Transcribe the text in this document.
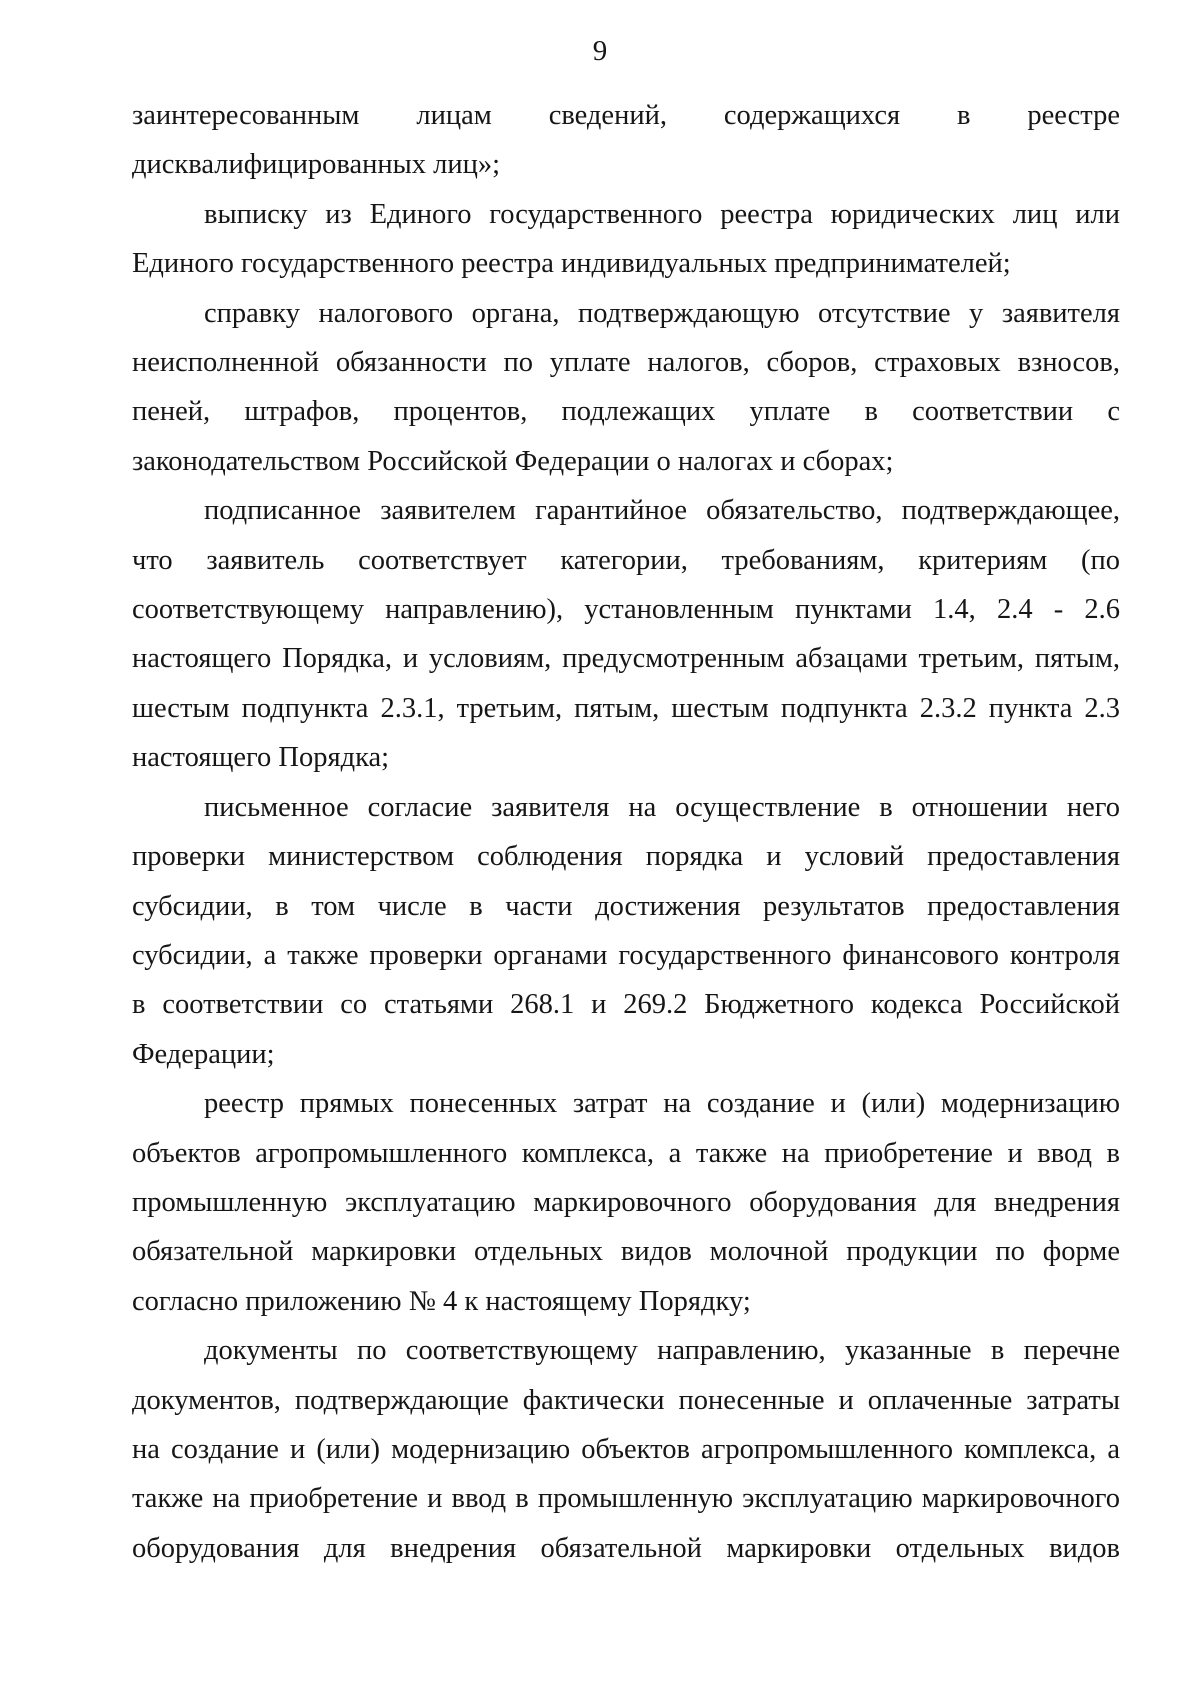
9
заинтересованным лицам сведений, содержащихся в реестре
дисквалифицированных лиц»;
выписку из Единого государственного реестра юридических лиц или
Единого государственного реестра индивидуальных предпринимателей;
справку налогового органа, подтверждающую отсутствие у заявителя
неисполненной обязанности по уплате налогов, сборов, страховых взносов,
пеней, штрафов, процентов, подлежащих уплате в соответствии с
законодательством Российской Федерации о налогах и сборах;
подписанное заявителем гарантийное обязательство, подтверждающее,
что заявитель соответствует категории, требованиям, критериям (по
соответствующему направлению), установленным пунктами 1.4, 2.4 - 2.6
настоящего Порядка, и условиям, предусмотренным абзацами третьим, пятым,
шестым подпункта 2.3.1, третьим, пятым, шестым подпункта 2.3.2 пункта 2.3
настоящего Порядка;
письменное согласие заявителя на осуществление в отношении него
проверки министерством соблюдения порядка и условий предоставления
субсидии, в том числе в части достижения результатов предоставления
субсидии, а также проверки органами государственного финансового контроля
в соответствии со статьями 268.1 и 269.2 Бюджетного кодекса Российской
Федерации;
реестр прямых понесенных затрат на создание и (или) модернизацию
объектов агропромышленного комплекса, а также на приобретение и ввод в
промышленную эксплуатацию маркировочного оборудования для внедрения
обязательной маркировки отдельных видов молочной продукции по форме
согласно приложению № 4 к настоящему Порядку;
документы по соответствующему направлению, указанные в перечне
документов, подтверждающие фактически понесенные и оплаченные затраты
на создание и (или) модернизацию объектов агропромышленного комплекса, а
также на приобретение и ввод в промышленную эксплуатацию маркировочного
оборудования для внедрения обязательной маркировки отдельных видов
